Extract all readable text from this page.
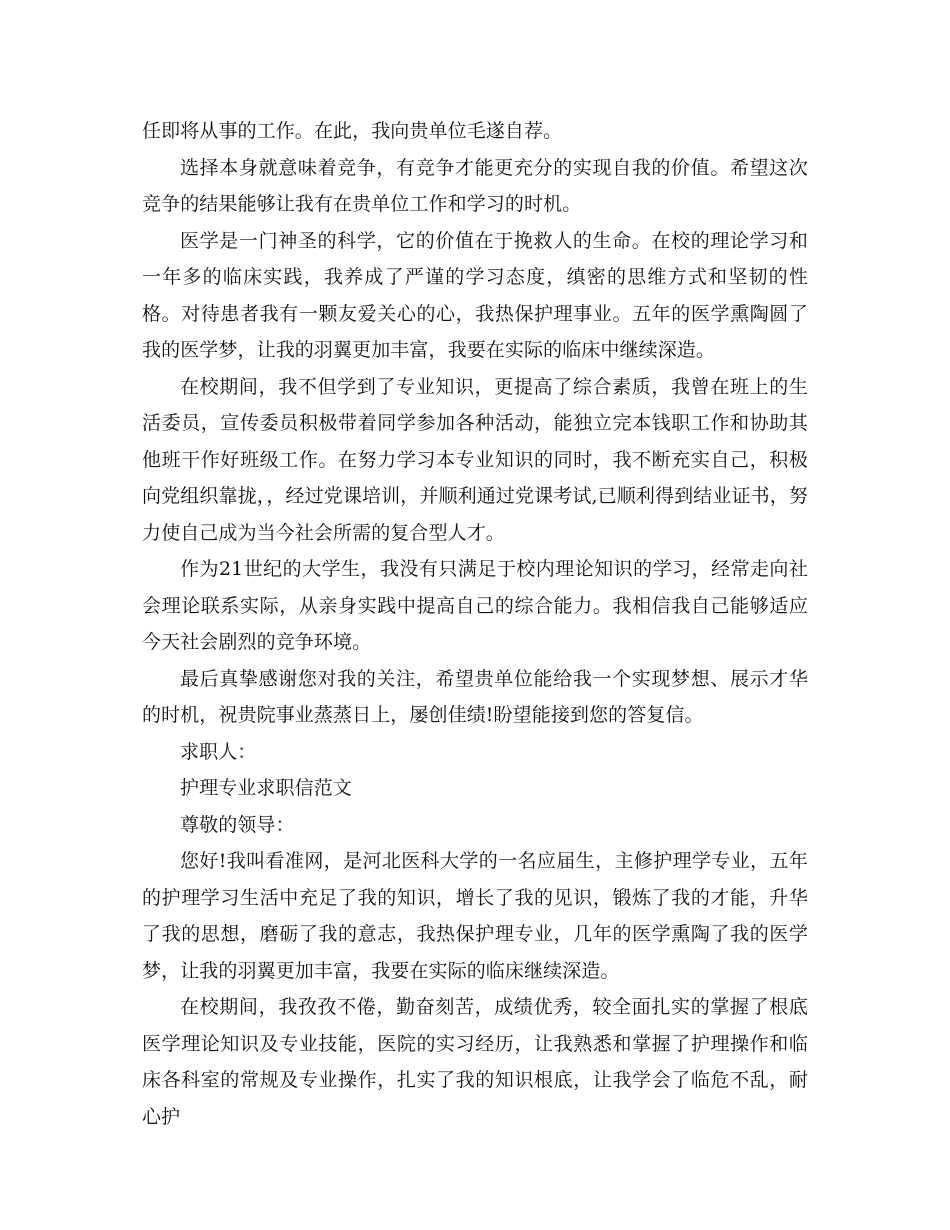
任即将从事的工作。在此，我向贵单位毛遂自荐。

选择本身就意味着竞争，有竞争才能更充分的实现自我的价值。希望这次竞争的结果能够让我有在贵单位工作和学习的时机。

医学是一门神圣的科学，它的价值在于挽救人的生命。在校的理论学习和一年多的临床实践，我养成了严谨的学习态度，缜密的思维方式和坚韧的性格。对待患者我有一颗友爱关心的心，我热保护理事业。五年的医学熏陶圆了我的医学梦，让我的羽翼更加丰富，我要在实际的临床中继续深造。

在校期间，我不但学到了专业知识，更提高了综合素质，我曾在班上的生活委员，宣传委员积极带着同学参加各种活动，能独立完本钱职工作和协助其他班干作好班级工作。在努力学习本专业知识的同时，我不断充实自己，积极向党组织靠拢，，经过党课培训，并顺利通过党课考试,已顺利得到结业证书，努力使自己成为当今社会所需的复合型人才。

作为21世纪的大学生，我没有只满足于校内理论知识的学习，经常走向社会理论联系实际，从亲身实践中提高自己的综合能力。我相信我自己能够适应今天社会剧烈的竞争环境。

最后真挚感谢您对我的关注，希望贵单位能给我一个实现梦想、展示才华的时机，祝贵院事业蒸蒸日上，屡创佳绩!盼望能接到您的答复信。

求职人：

护理专业求职信范文

尊敬的领导：

您好!我叫看准网，是河北医科大学的一名应届生，主修护理学专业，五年的护理学习生活中充足了我的知识，增长了我的见识，锻炼了我的才能，升华了我的思想，磨砺了我的意志，我热保护理专业，几年的医学熏陶了我的医学梦，让我的羽翼更加丰富，我要在实际的临床继续深造。

在校期间，我孜孜不倦，勤奋刻苦，成绩优秀，较全面扎实的掌握了根底医学理论知识及专业技能，医院的实习经历，让我熟悉和掌握了护理操作和临床各科室的常规及专业操作，扎实了我的知识根底，让我学会了临危不乱，耐心护
